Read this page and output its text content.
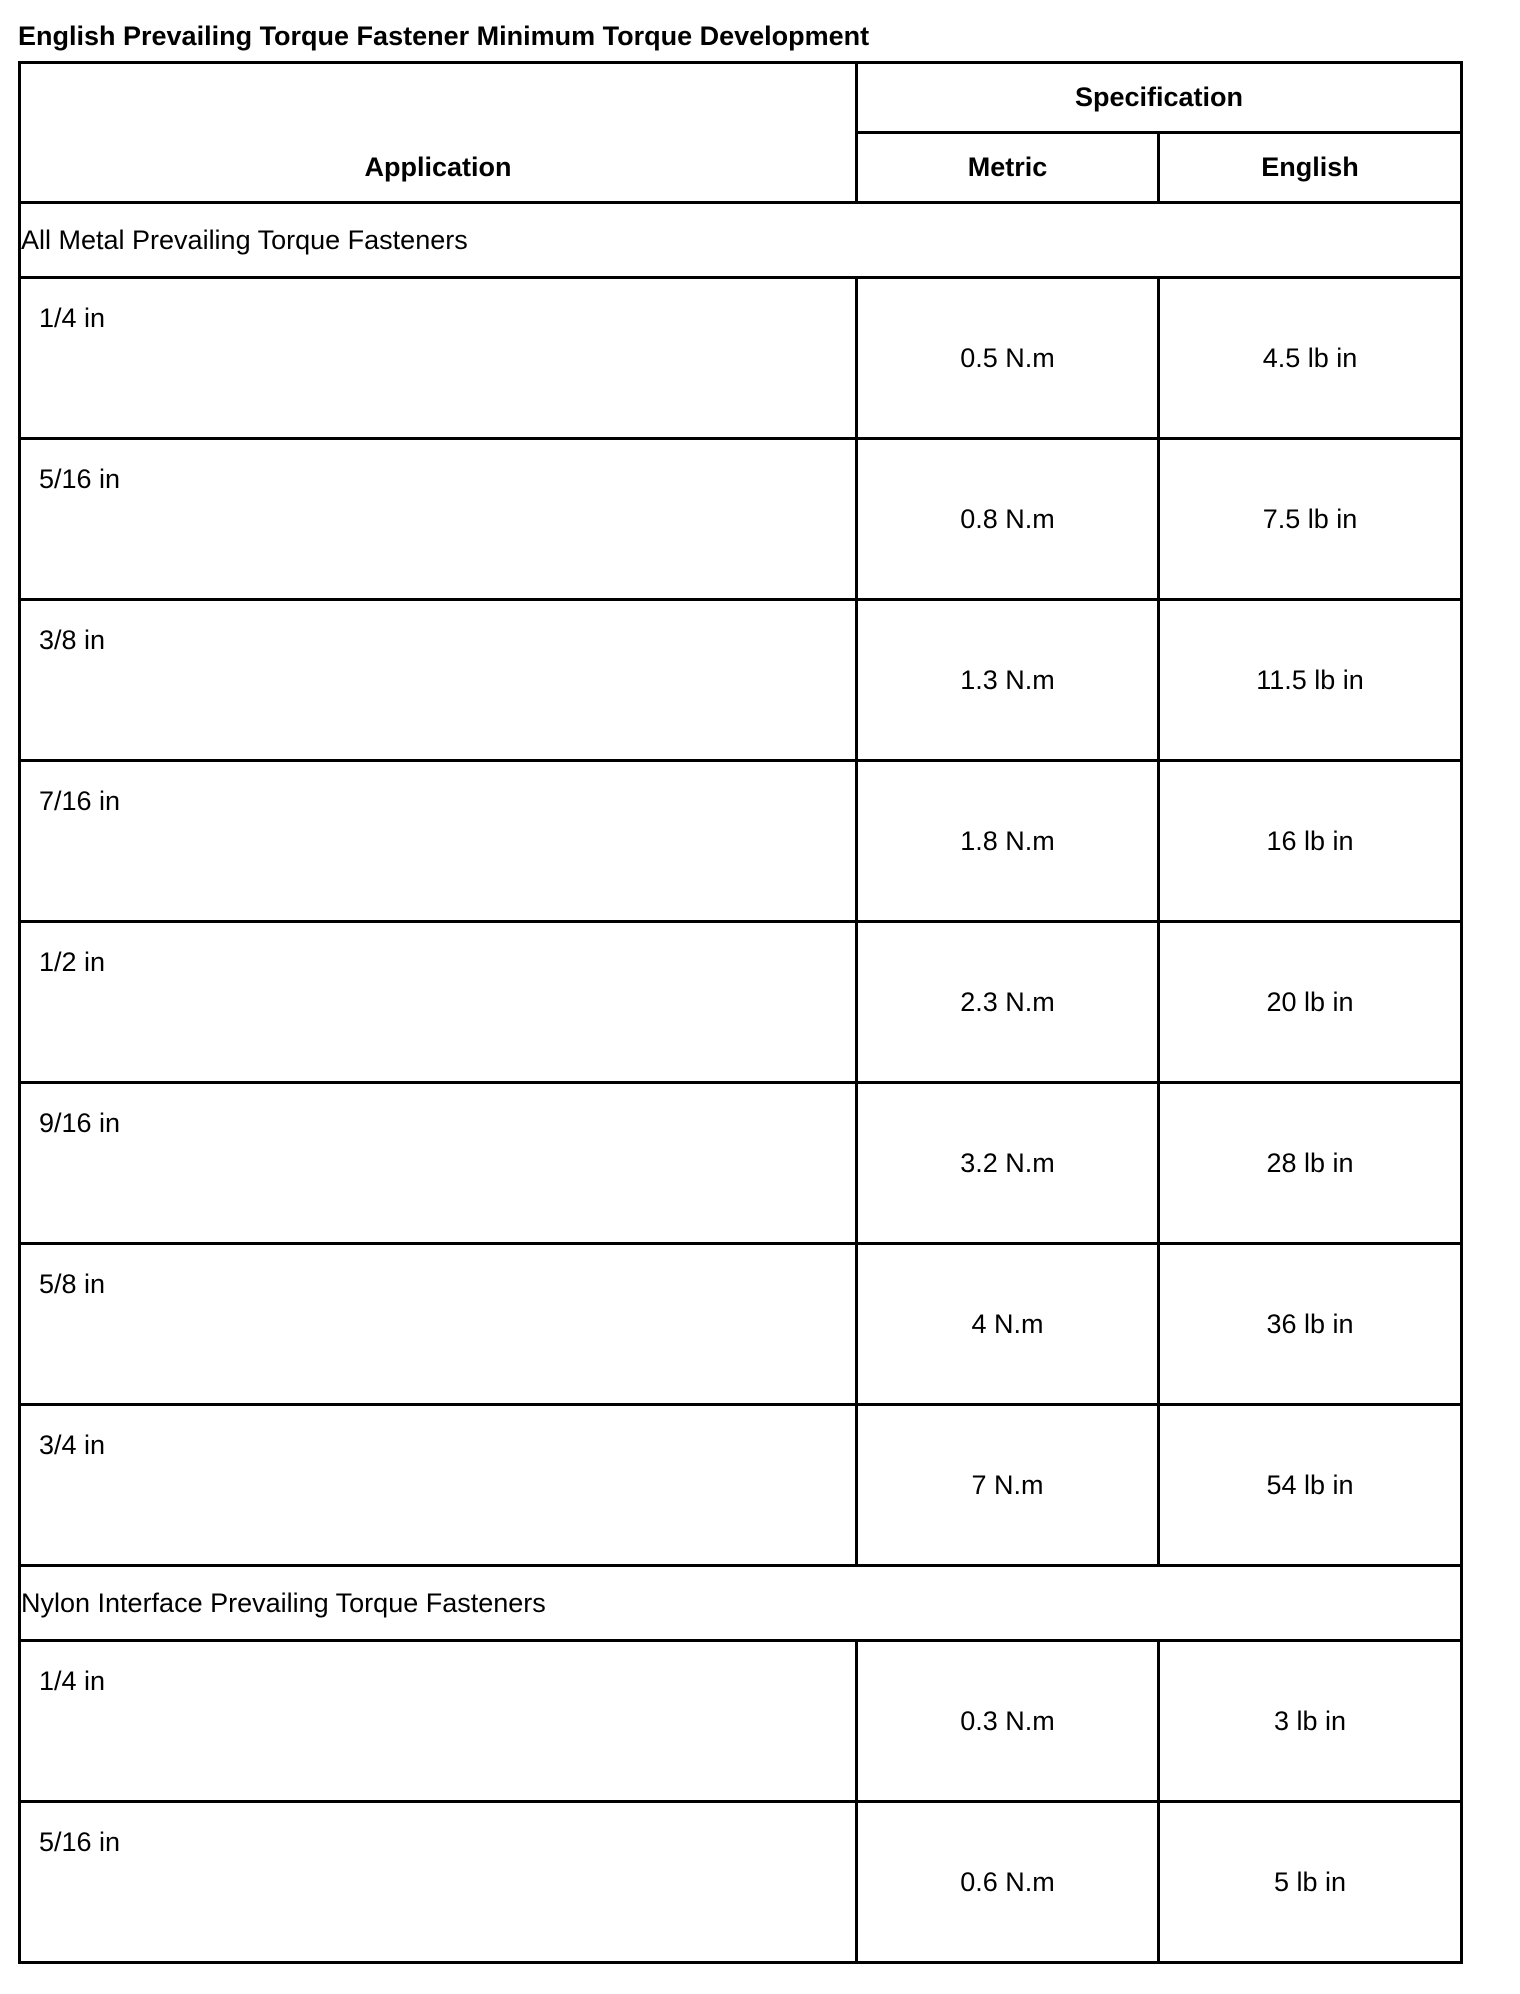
English Prevailing Torque Fastener Minimum Torque Development
Application	Specification	
	Metric	English
All Metal Prevailing Torque Fasteners		
1/4 in	0.5 N.m	4.5 lb in
5/16 in	0.8 N.m	7.5 lb in
3/8 in	1.3 N.m	11.5 lb in
7/16 in	1.8 N.m	16 lb in
1/2 in	2.3 N.m	20 lb in
9/16 in	3.2 N.m	28 lb in
5/8 in	4 N.m	36 lb in
3/4 in	7 N.m	54 lb in
Nylon Interface Prevailing Torque Fasteners		
1/4 in	0.3 N.m	3 lb in
5/16 in	0.6 N.m	5 lb in
